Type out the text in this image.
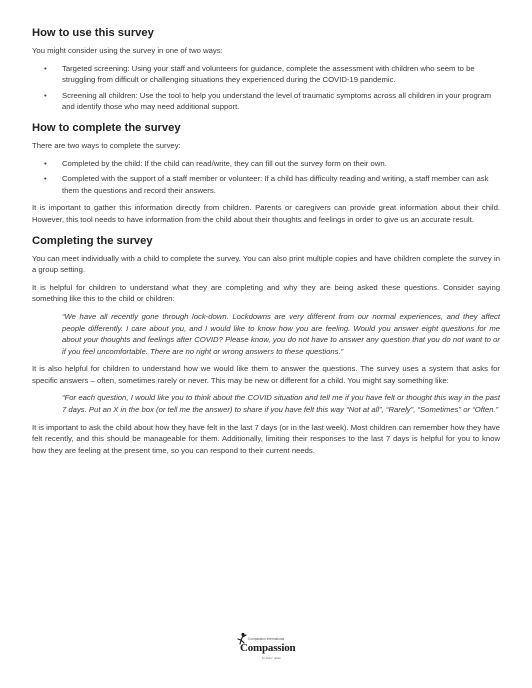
How to use this survey

You might consider using the survey in one of two ways:

• Targeted screening: Using your staff and volunteers for guidance, complete the assessment with children who seem to be struggling from difficult or challenging situations they experienced during the COVID-19 pandemic.
• Screening all children: Use the tool to help you understand the level of traumatic symptoms across all children in your program and identify those who may need additional support.
How to complete the survey

There are two ways to complete the survey:

• Completed by the child: If the child can read/write, they can fill out the survey form on their own.
• Completed with the support of a staff member or volunteer: If a child has difficulty reading and writing, a staff member can ask them the questions and record their answers.

It is important to gather this information directly from children. Parents or caregivers can provide great information about their child. However, this tool needs to have information from the child about their thoughts and feelings in order to give us an accurate result.

Completing the survey

You can meet individually with a child to complete the survey. You can also print multiple copies and have children complete the survey in a group setting.

It is helpful for children to understand what they are completing and why they are being asked these questions. Consider saying something like this to the child or children:

“We have all recently gone through lock-down. Lockdowns are very different from our normal experiences, and they affect people differently. I care about you, and I would like to know how you are feeling. Would you answer eight questions for me about your thoughts and feelings after COVID? Please know, you do not have to answer any question that you do not want to or if you feel uncomfortable. There are no right or wrong answers to these questions.”

It is also helpful for children to understand how we would like them to answer the questions. The survey uses a system that asks for specific answers – often, sometimes rarely or never. This may be new or different for a child. You might say something like:

“For each question, I would like you to think about the COVID situation and tell me if you have felt or thought this way in the past 7 days. Put an X in the box (or tell me the answer) to share if you have felt this way “Not at all”, “Rarely”, “Sometimes” or “Often.”

It is important to ask the child about how they have felt in the last 7 days (or in the last week). Most children can remember how they have felt recently, and this should be manageable for them. Additionally, limiting their responses to the last 7 days is helpful for you to know how they are feeling at the present time, so you can respond to their current needs.

Compassion International
Compassion
In Jesus' name
